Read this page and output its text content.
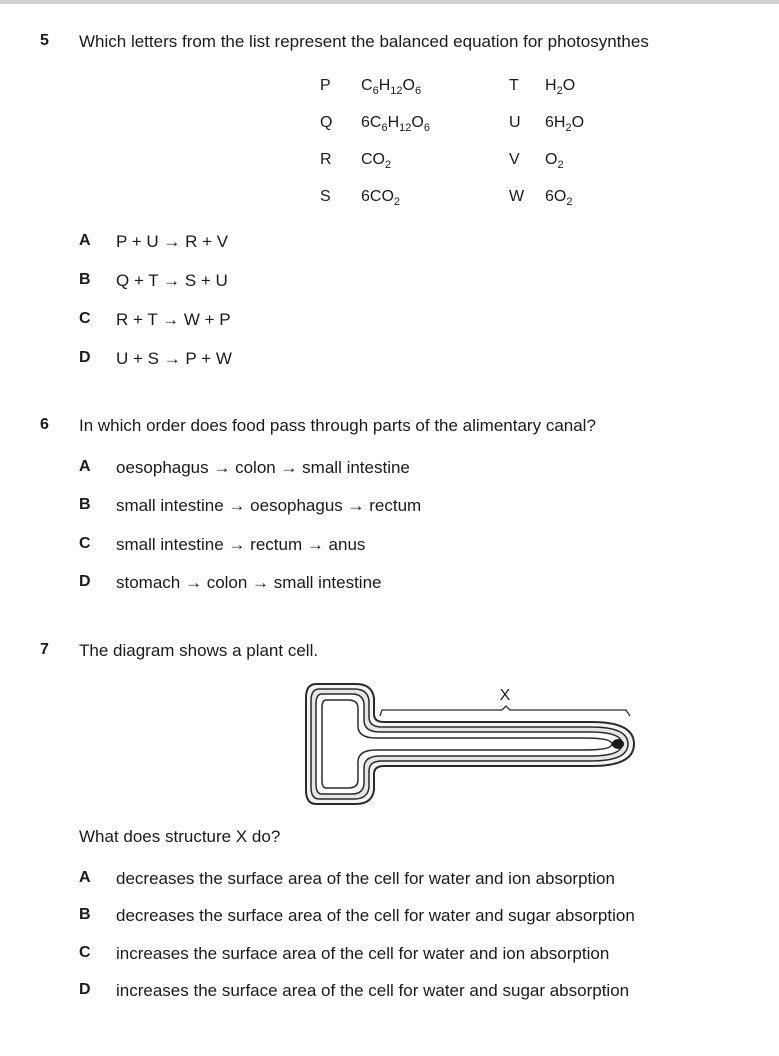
5 Which letters from the list represent the balanced equation for photosynthes
P $C_6H_{12}O_6$	T $H_2O$
Q $6C_6H_{12}O_6$	U $6H_2O$
R $CO_2$	V $O_2$
S $6CO_2$	W $6O_2$
A P + U → R + V
B Q + T → S + U
C R + T → W + P
D U + S → P + W
6 In which order does food pass through parts of the alimentary canal?
A oesophagus → colon → small intestine
B small intestine → oesophagus → rectum
C small intestine → rectum → anus
D stomach → colon → small intestine
7 The diagram shows a plant cell.
X
What does structure X do?
A decreases the surface area of the cell for water and ion absorption
B decreases the surface area of the cell for water and sugar absorption
C increases the surface area of the cell for water and ion absorption
D increases the surface area of the cell for water and sugar absorption
